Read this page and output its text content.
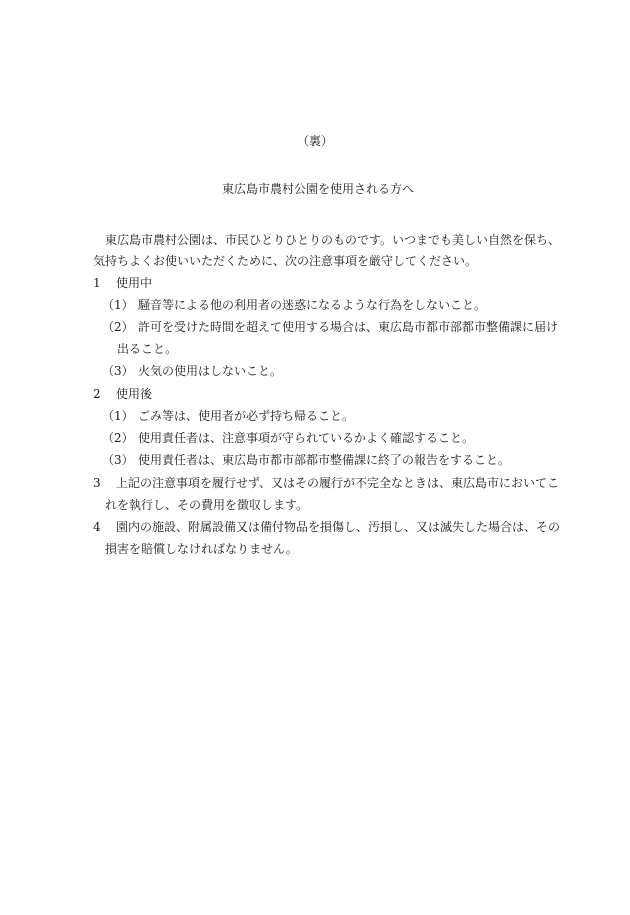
（裏）
東広島市農村公園を使用される方へ
東広島市農村公園は、市民ひとりひとりのものです。いつまでも美しい自然を保ち、
気持ちよくお使いいただくために、次の注意事項を厳守してください。
1 使用中
（1） 騒音等による他の利用者の迷惑になるような行為をしないこと。
（2） 許可を受けた時間を超えて使用する場合は、東広島市都市部都市整備課に届け
出ること。
（3） 火気の使用はしないこと。
2 使用後
（1） ごみ等は、使用者が必ず持ち帰ること。
（2） 使用責任者は、注意事項が守られているかよく確認すること。
（3） 使用責任者は、東広島市都市部都市整備課に終了の報告をすること。
3 上記の注意事項を履行せず、又はその履行が不完全なときは、東広島市においてこ
れを執行し、その費用を徴収します。
4 園内の施設、附属設備又は備付物品を損傷し、汚損し、又は滅失した場合は、その
損害を賠償しなければなりません。
